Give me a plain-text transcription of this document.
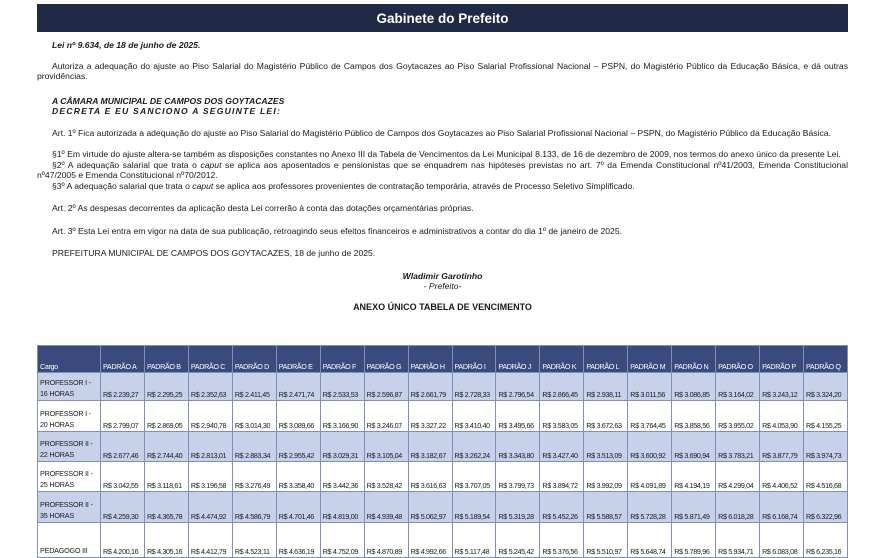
Gabinete do Prefeito
Lei nº 9.634, de 18 de junho de 2025.

Autoriza a adequação do ajuste ao Piso Salarial do Magistério Público de Campos dos Goytacazes ao Piso Salarial Profissional Nacional – PSPN, do Magistério Público da Educação Básica, e dá outras providências.

A CÂMARA MUNICIPAL DE CAMPOS DOS GOYTACAZES
DECRETA E EU SANCIONO A SEGUINTE LEI:

Art. 1º Fica autorizada a adequação do ajuste ao Piso Salarial do Magistério Público de Campos dos Goytacazes ao Piso Salarial Profissional Nacional – PSPN, do Magistério Público da Educação Básica.

§1º Em virtude do ajuste altera-se também as disposições constantes no Anexo III da Tabela de Vencimentos da Lei Municipal 8.133, de 16 de dezembro de 2009, nos termos do anexo único da presente Lei.

§2º A adequação salarial que trata o caput se aplica aos aposentados e pensionistas que se enquadrem nas hipóteses previstas no art. 7º da Emenda Constitucional nº41/2003, Emenda Constitucional nº47/2005 e Emenda Constitucional nº70/2012.

§3º A adequação salarial que trata o caput se aplica aos professores provenientes de contratação temporária, através de Processo Seletivo Simplificado.

Art. 2º As despesas decorrentes da aplicação desta Lei correrão à conta das dotações orçamentárias próprias.

Art. 3º Esta Lei entra em vigor na data de sua publicação, retroagindo seus efeitos financeiros e administrativos a contar do dia 1º de janeiro de 2025.

PREFEITURA MUNICIPAL DE CAMPOS DOS GOYTACAZES, 18 de junho de 2025.

Wladimir Garotinho
- Prefeito-
ANEXO ÚNICO TABELA DE VENCIMENTO
Cargo	PADRÃO A	PADRÃO B	PADRÃO C	PADRÃO D	PADRÃO E	PADRÃO F	PADRÃO G	PADRÃO H	PADRÃO I	PADRÃO J	PADRÃO K	PADRÃO L	PADRÃO M	PADRÃO N	PADRÃO O	PADRÃO P	PADRÃO Q
PROFESSOR I - 16 HORAS	R$ 2.239,27	R$ 2.295,25	R$ 2.352,63	R$ 2.411,45	R$ 2.471,74	R$ 2.533,53	R$ 2.596,87	R$ 2.661,79	R$ 2.728,33	R$ 2.796,54	R$ 2.866,45	R$ 2.938,11	R$ 3.011,56	R$ 3.086,85	R$ 3.164,02	R$ 3.243,12	R$ 3.324,20
PROFESSOR I - 20 HORAS	R$ 2.799,07	R$ 2.869,05	R$ 2.940,78	R$ 3.014,30	R$ 3.089,66	R$ 3.166,90	R$ 3.246,07	R$ 3.327,22	R$ 3.410,40	R$ 3.495,66	R$ 3.583,05	R$ 3.672,63	R$ 3.764,45	R$ 3.858,56	R$ 3.955,02	R$ 4.053,90	R$ 4.155,25
PROFESSOR II - 22 HORAS	R$ 2.677,46	R$ 2.744,40	R$ 2.813,01	R$ 2.883,34	R$ 2.955,42	R$ 3.029,31	R$ 3.105,04	R$ 3.182,67	R$ 3.262,24	R$ 3.343,80	R$ 3.427,40	R$ 3.513,09	R$ 3.600,92	R$ 3.690,94	R$ 3.783,21	R$ 3.877,79	R$ 3.974,73
PROFESSOR II - 25 HORAS	R$ 3.042,55	R$ 3.118,61	R$ 3.196,58	R$ 3.276,49	R$ 3.358,40	R$ 3.442,36	R$ 3.528,42	R$ 3.616,63	R$ 3.707,05	R$ 3.799,73	R$ 3.894,72	R$ 3.992,09	R$ 4.091,89	R$ 4.194,19	R$ 4.299,04	R$ 4.406,52	R$ 4.516,68
PROFESSOR II - 35 HORAS	R$ 4.259,30	R$ 4.365,78	R$ 4.474,92	R$ 4.586,79	R$ 4.701,46	R$ 4.819,00	R$ 4.939,48	R$ 5.062,97	R$ 5.189,54	R$ 5.319,28	R$ 5.452,26	R$ 5.588,57	R$ 5.728,28	R$ 5.871,49	R$ 6.018,28	R$ 6.168,74	R$ 6.322,96
PEDAGOGO III	R$ 4.200,16	R$ 4.305,16	R$ 4.412,79	R$ 4.523,11	R$ 4.636,19	R$ 4.752,09	R$ 4.870,89	R$ 4.992,66	R$ 5.117,48	R$ 5.245,42	R$ 5.376,56	R$ 5.510,97	R$ 5.648,74	R$ 5.789,96	R$ 5.934,71	R$ 6.083,08	R$ 6.235,16
